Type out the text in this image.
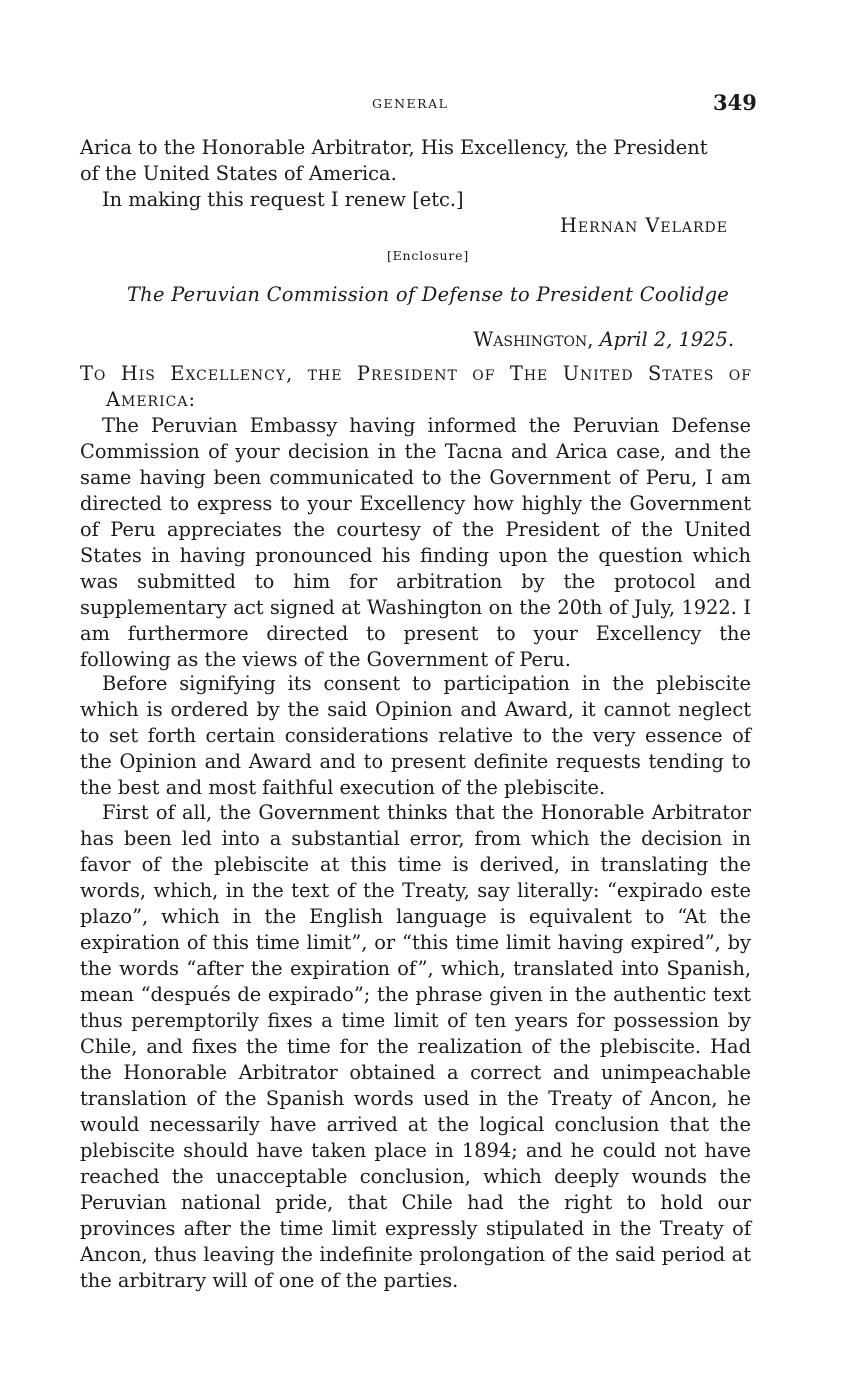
GENERAL	349
Arica to the Honorable Arbitrator, His Excellency, the President
of the United States of America.
In making this request I renew [etc.]
Hernan Velarde
[Enclosure]
The Peruvian Commission of Defense to President Coolidge
Washington, April 2, 1925.
To His Excellency, the President of The United States of
America:
The Peruvian Embassy having informed the Peruvian Defense Commission of your decision in the Tacna and Arica case, and the same having been communicated to the Government of Peru, I am directed to express to your Excellency how highly the Government of Peru appreciates the courtesy of the President of the United States in having pronounced his finding upon the question which was submitted to him for arbitration by the protocol and supplementary act signed at Washington on the 20th of July, 1922. I am furthermore directed to present to your Excellency the following as the views of the Government of Peru.
Before signifying its consent to participation in the plebiscite which is ordered by the said Opinion and Award, it cannot neglect to set forth certain considerations relative to the very essence of the Opinion and Award and to present definite requests tending to the best and most faithful execution of the plebiscite.
First of all, the Government thinks that the Honorable Arbitrator has been led into a substantial error, from which the decision in favor of the plebiscite at this time is derived, in translating the words, which, in the text of the Treaty, say literally: “expirado este plazo”, which in the English language is equivalent to “At the expiration of this time limit”, or “this time limit having expired”, by the words “after the expiration of”, which, translated into Spanish, mean “después de expirado”; the phrase given in the authentic text thus peremptorily fixes a time limit of ten years for possession by Chile, and fixes the time for the realization of the plebiscite. Had the Honorable Arbitrator obtained a correct and unimpeachable translation of the Spanish words used in the Treaty of Ancon, he would necessarily have arrived at the logical conclusion that the plebiscite should have taken place in 1894; and he could not have reached the unacceptable conclusion, which deeply wounds the Peruvian national pride, that Chile had the right to hold our provinces after the time limit expressly stipulated in the Treaty of Ancon, thus leaving the indefinite prolongation of the said period at the arbitrary will of one of the parties.
